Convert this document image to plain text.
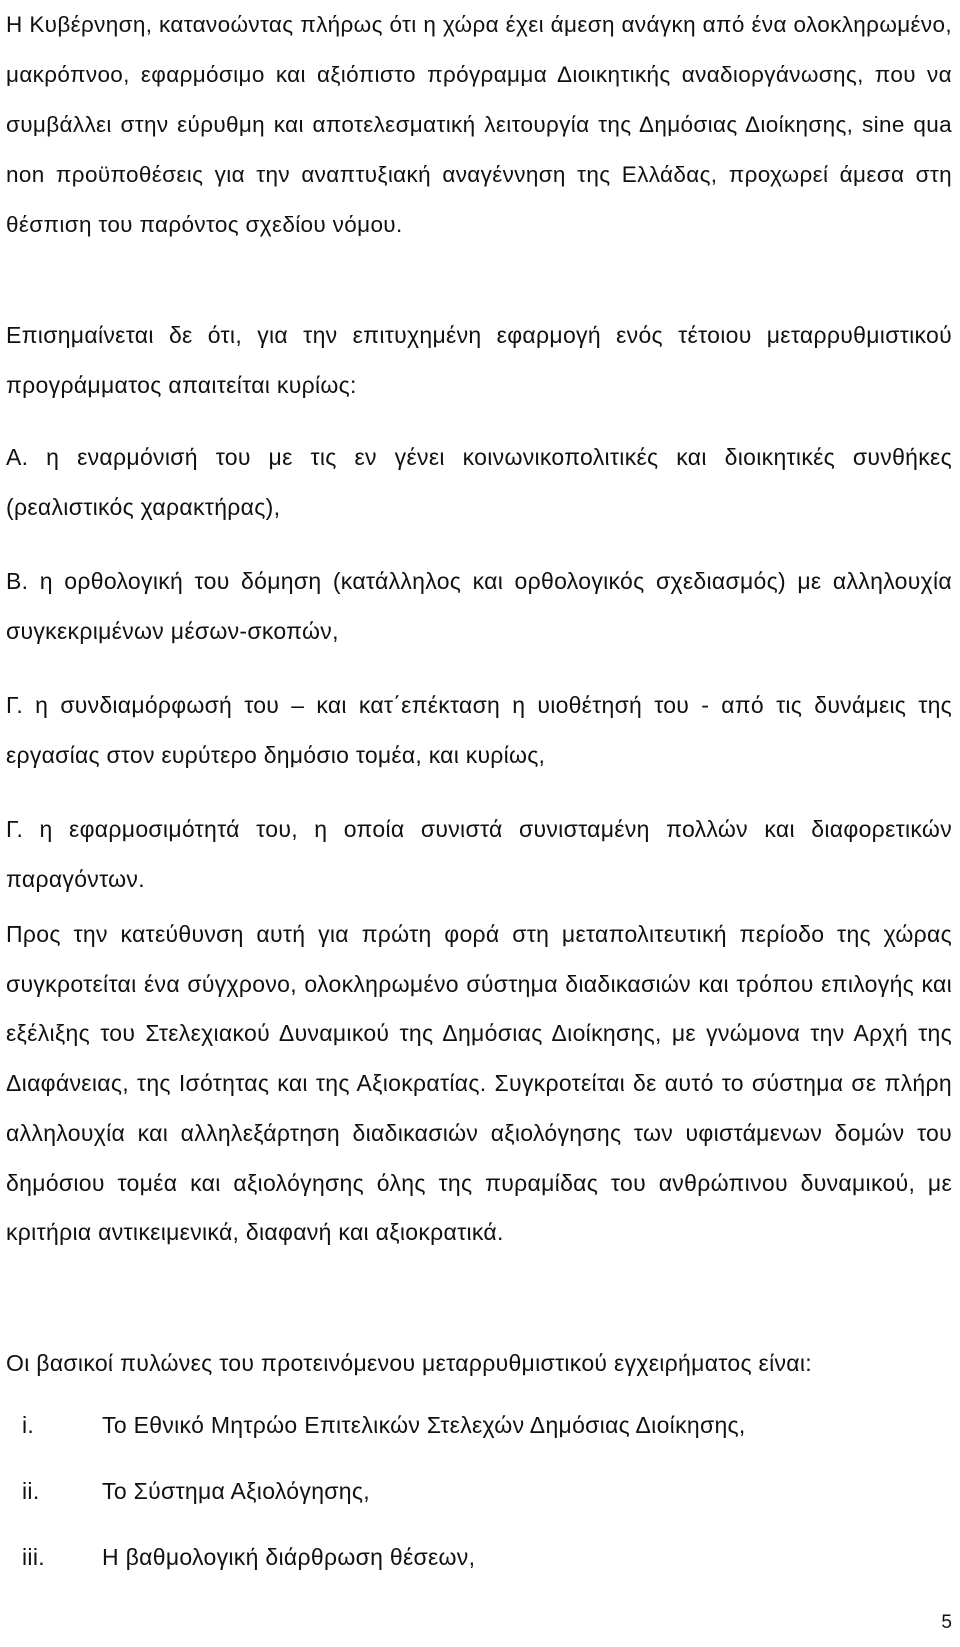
Η Κυβέρνηση, κατανοώντας πλήρως ότι η χώρα έχει άμεση ανάγκη από ένα ολοκληρωμένο, μακρόπνοο, εφαρμόσιμο και αξιόπιστο πρόγραμμα Διοικητικής αναδιοργάνωσης, που να συμβάλλει στην εύρυθμη και αποτελεσματική λειτουργία της Δημόσιας Διοίκησης, sine qua non προϋποθέσεις για την αναπτυξιακή αναγέννηση της Ελλάδας, προχωρεί άμεσα στη θέσπιση του παρόντος σχεδίου νόμου.

Επισημαίνεται δε ότι, για την επιτυχημένη εφαρμογή ενός τέτοιου μεταρρυθμιστικού προγράμματος απαιτείται κυρίως:

Α. η εναρμόνισή του με τις εν γένει κοινωνικοπολιτικές και διοικητικές συνθήκες (ρεαλιστικός χαρακτήρας),

Β. η ορθολογική του δόμηση (κατάλληλος και ορθολογικός σχεδιασμός) με αλληλουχία συγκεκριμένων μέσων-σκοπών,

Γ. η συνδιαμόρφωσή του – και κατ΄επέκταση η υιοθέτησή του - από τις δυνάμεις της εργασίας στον ευρύτερο δημόσιο τομέα, και κυρίως,

Γ. η εφαρμοσιμότητά του, η οποία συνιστά συνισταμένη πολλών και διαφορετικών παραγόντων.

Προς την κατεύθυνση αυτή για πρώτη φορά στη μεταπολιτευτική περίοδο της χώρας συγκροτείται ένα σύγχρονο, ολοκληρωμένο σύστημα διαδικασιών και τρόπου επιλογής και εξέλιξης του Στελεχιακού Δυναμικού της Δημόσιας Διοίκησης, με γνώμονα την Αρχή της Διαφάνειας, της Ισότητας και της Αξιοκρατίας. Συγκροτείται δε αυτό το σύστημα σε πλήρη αλληλουχία και αλληλεξάρτηση διαδικασιών αξιολόγησης των υφιστάμενων δομών του δημόσιου τομέα και αξιολόγησης όλης της πυραμίδας του ανθρώπινου δυναμικού, με κριτήρια αντικειμενικά, διαφανή και αξιοκρατικά.

Οι βασικοί πυλώνες του προτεινόμενου μεταρρυθμιστικού εγχειρήματος είναι:

i.	Το Εθνικό Μητρώο Επιτελικών Στελεχών Δημόσιας Διοίκησης,
ii.	Το Σύστημα Αξιολόγησης,
iii. Η βαθμολογική διάρθρωση θέσεων,
5
